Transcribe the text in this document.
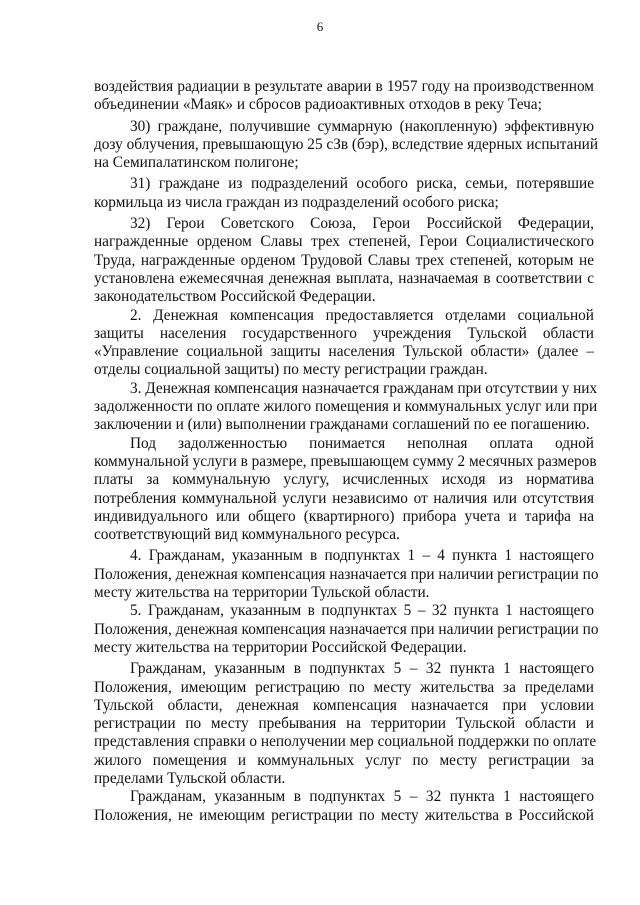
6
воздействия радиации в результате аварии в 1957 году на производственном
объединении «Маяк» и сбросов радиоактивных отходов в реку Теча;
30) граждане, получившие суммарную (накопленную) эффективную
дозу облучения, превышающую 25 сЗв (бэр), вследствие ядерных испытаний
на Семипалатинском полигоне;
31) граждане из подразделений особого риска, семьи, потерявшие
кормильца из числа граждан из подразделений особого риска;
32) Герои Советского Союза, Герои Российской Федерации,
награжденные орденом Славы трех степеней, Герои Социалистического
Труда, награжденные орденом Трудовой Славы трех степеней, которым не
установлена ежемесячная денежная выплата, назначаемая в соответствии с
законодательством Российской Федерации.
2. Денежная компенсация предоставляется отделами социальной
защиты населения государственного учреждения Тульской области
«Управление социальной защиты населения Тульской области» (далее –
отделы социальной защиты) по месту регистрации граждан.
3. Денежная компенсация назначается гражданам при отсутствии у них
задолженности по оплате жилого помещения и коммунальных услуг или при
заключении и (или) выполнении гражданами соглашений по ее погашению.
Под задолженностью понимается неполная оплата одной
коммунальной услуги в размере, превышающем сумму 2 месячных размеров
платы за коммунальную услугу, исчисленных исходя из норматива
потребления коммунальной услуги независимо от наличия или отсутствия
индивидуального или общего (квартирного) прибора учета и тарифа на
соответствующий вид коммунального ресурса.
4. Гражданам, указанным в подпунктах 1 – 4 пункта 1 настоящего
Положения, денежная компенсация назначается при наличии регистрации по
месту жительства на территории Тульской области.
5. Гражданам, указанным в подпунктах 5 – 32 пункта 1 настоящего
Положения, денежная компенсация назначается при наличии регистрации по
месту жительства на территории Российской Федерации.
Гражданам, указанным в подпунктах 5 – 32 пункта 1 настоящего
Положения, имеющим регистрацию по месту жительства за пределами
Тульской области, денежная компенсация назначается при условии
регистрации по месту пребывания на территории Тульской области и
представления справки о неполучении мер социальной поддержки по оплате
жилого помещения и коммунальных услуг по месту регистрации за
пределами Тульской области.
Гражданам, указанным в подпунктах 5 – 32 пункта 1 настоящего
Положения, не имеющим регистрации по месту жительства в Российской
